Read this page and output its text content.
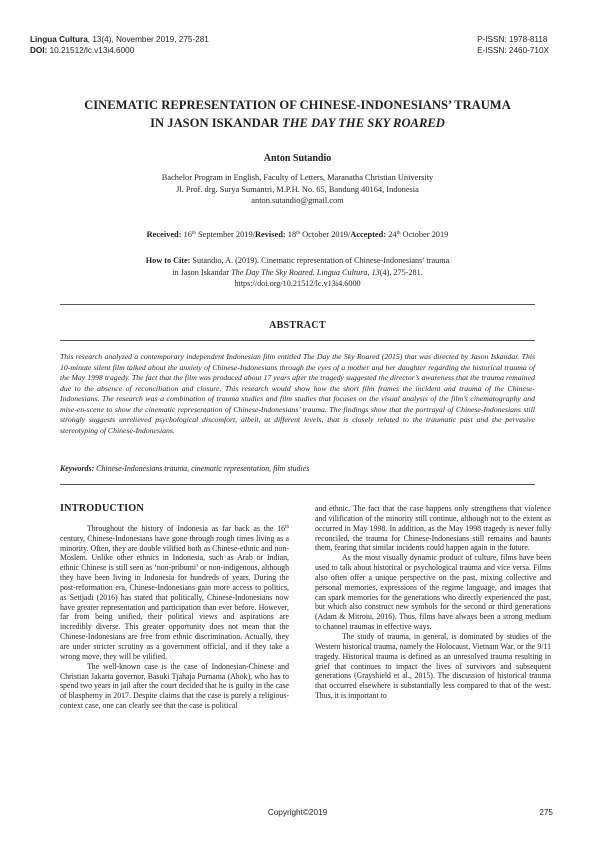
Lingua Cultura, 13(4), November 2019, 275-281
DOI: 10.21512/lc.v13i4.6000
P-ISSN: 1978-8118
E-ISSN: 2460-710X
CINEMATIC REPRESENTATION OF CHINESE-INDONESIANS’ TRAUMA
IN JASON ISKANDAR THE DAY THE SKY ROARED
Anton Sutandio
Bachelor Program in English, Faculty of Letters, Maranatha Christian University
Jl. Prof. drg. Surya Sumantri, M.P.H. No. 65, Bandung 40164, Indonesia
anton.sutandio@gmail.com
Received: 16th September 2019/Revised: 18th October 2019/Accepted: 24th October 2019
How to Cite: Sutandio, A. (2019). Cinematic representation of Chinese-Indonesians’ trauma
in Jason Iskandar The Day The Sky Roared. Lingua Cultura, 13(4), 275-281.
https://doi.org/10.21512/lc.v13i4.6000
ABSTRACT
This research analyzed a contemporary independent Indonesian film entitled The Day the Sky Roared (2015) that was directed by Jason Iskandar. This 10-minute silent film talked about the anxiety of Chinese-Indonesians through the eyes of a mother and her daughter regarding the historical trauma of the May 1998 tragedy. The fact that the film was produced about 17 years after the tragedy suggested the director’s awareness that the trauma remained due to the absence of reconciliation and closure. This research would show how the short film frames the incident and trauma of the Chinese-Indonesians. The research was a combination of trauma studies and film studies that focuses on the visual analysis of the film’s cinematography and mise-en-scene to show the cinematic representation of Chinese-Indonesians’ trauma. The findings show that the portrayal of Chinese-Indonesians still strongly suggests unrelieved psychological discomfort, albeit, at different levels, that is closely related to the traumatic past and the pervasive stereotyping of Chinese-Indonesians.
Keywords: Chinese-Indonesians trauma, cinematic representation, film studies
INTRODUCTION

Throughout the history of Indonesia as far back as the 16th century, Chinese-Indonesians have gone through rough times living as a minority. Often, they are double vilified both as Chinese-ethnic and non-Moslem. Unlike other ethnics in Indonesia, such as Arab or Indian, ethnic Chinese is still seen as ‘non-pribumi’ or non-indigenous, although they have been living in Indonesia for hundreds of years. During the post-reformation era, Chinese-Indonesians gain more access to politics, as Setijadi (2016) has stated that politically, Chinese-Indonesians now have greater representation and participation than ever before. However, far from being unified, their political views and aspirations are incredibly diverse. This greater opportunity does not mean that the Chinese-Indonesians are free from ethnic discrimination. Actually, they are under stricter scrutiny as a government official, and if they take a wrong move, they will be vilified.

The well-known case is the case of Indonesian-Chinese and Christian Jakarta governor, Basuki Tjahaja Purnama (Ahok), who has to spend two years in jail after the court decided that he is guilty in the case of blasphemy in 2017. Despite claims that the case is purely a religious-context case, one can clearly see that the case is political

and ethnic. The fact that the case happens only strengthens that violence and vilification of the minority still continue, although not to the extent as occurred in May 1998. In addition, as the May 1998 tragedy is never fully reconciled, the trauma for Chinese-Indonesians still remains and haunts them, fearing that similar incidents could happen again in the future.

As the most visually dynamic product of culture, films have been used to talk about historical or psychological trauma and vice versa. Films also often offer a unique perspective on the past, mixing collective and personal memories, expressions of the regime language, and images that can spark memories for the generations who directly experienced the past, but which also construct new symbols for the second or third generations (Adam & Mitroiu, 2016). Thus, films have always been a strong medium to channel traumas in effective ways.

The study of trauma, in general, is dominated by studies of the Western historical trauma, namely the Holocaust, Vietnam War, or the 9/11 tragedy. Historical trauma is defined as an unresolved trauma resulting in grief that continues to impact the lives of survivors and subsequent generations (Grayshield et al., 2015). The discussion of historical trauma that occurred elsewhere is substantially less compared to that of the west. Thus, it is important to

Copyright©2019	275
